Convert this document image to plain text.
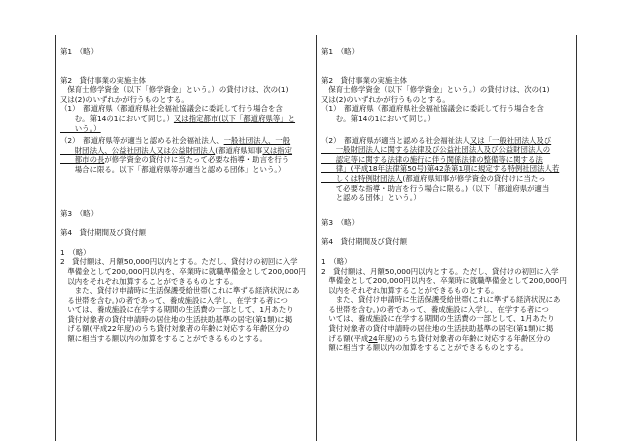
第1　（略）
第2　貸付事業の実施主体
　保育士修学資金（以下「修学資金」という。）の貸付けは、次の(1)
又は(2)のいずれかが行うものとする。
（1）　都道府県（都道府県社会福祉協議会に委託して行う場合を含
　　む。第14の1において同じ。）又は指定都市(以下「都道府県等」と
　　いう。）
（2）　都道府県等が適当と認める社会福祉法人、一般社団法人、一般
　　財団法人、公益社団法人又は公益財団法人(都道府県知事又は指定
　　都市の長が修学資金の貸付けに当たって必要な指導・助言を行う
　　場合に限る。以下「都道府県等が適当と認める団体」という。）
第3　（略）
第4　貸付期間及び貸付額
1　（略）
2　貸付額は、月額50,000円以内とする。ただし、貸付けの初回に入学
　準備金として200,000円以内を、卒業時に就職準備金として200,000円
　以内をそれぞれ加算することができるものとする。
　　また、貸付け申請時に生活保護受給世帯(これに準ずる経済状況にあ
　る世帯を含む。)の者であって、養成施設に入学し、在学する者につ
　いては、養成施設に在学する期間の生活費の一部として、1月あたり
　貸付対象者の貸付申請時の居住地の生活扶助基準の居宅(第1類)に掲
　げる額(平成22年度)のうち貸付対象者の年齢に対応する年齢区分の
　額に相当する額以内の加算をすることができるものとする。
第1　（略）
第2　貸付事業の実施主体
　保育士修学資金（以下「修学資金」という。）の貸付けは、次の(1)
又は(2)のいずれかが行うものとする。
（1）　都道府県（都道府県社会福祉協議会に委託して行う場合を含
　　む。第14の1において同じ。）
（2）　都道府県が適当と認める社会福祉法人又は「一般社団法人及び
　　一般財団法人に関する法律及び公益社団法人及び公益財団法人の
　　認定等に関する法律の施行に伴う関係法律の整備等に関する法
　　律」(平成18年法律第50号)第42条第1項に規定する特例社団法人若
　　しくは特例財団法人(都道府県知事が修学資金の貸付けに当たっ
　　て必要な指導・助言を行う場合に限る。)（以下「都道府県が適当
　　と認める団体」という。）
第3　（略）
第4　貸付期間及び貸付額
1　（略）
2　貸付額は、月額50,000円以内とする。ただし、貸付けの初回に入学
　準備金として200,000円以内を、卒業時に就職準備金として200,000円
　以内をそれぞれ加算することができるものとする。
　　また、貸付け申請時に生活保護受給世帯(これに準ずる経済状況にあ
　る世帯を含む。)の者であって、養成施設に入学し、在学する者につ
　いては、養成施設に在学する期間の生活費の一部として、1月あたり
　貸付対象者の貸付申請時の居住地の生活扶助基準の居宅(第1類)に掲
　げる額(平成24年度)のうち貸付対象者の年齢に対応する年齢区分の
　額に相当する額以内の加算をすることができるものとする。
